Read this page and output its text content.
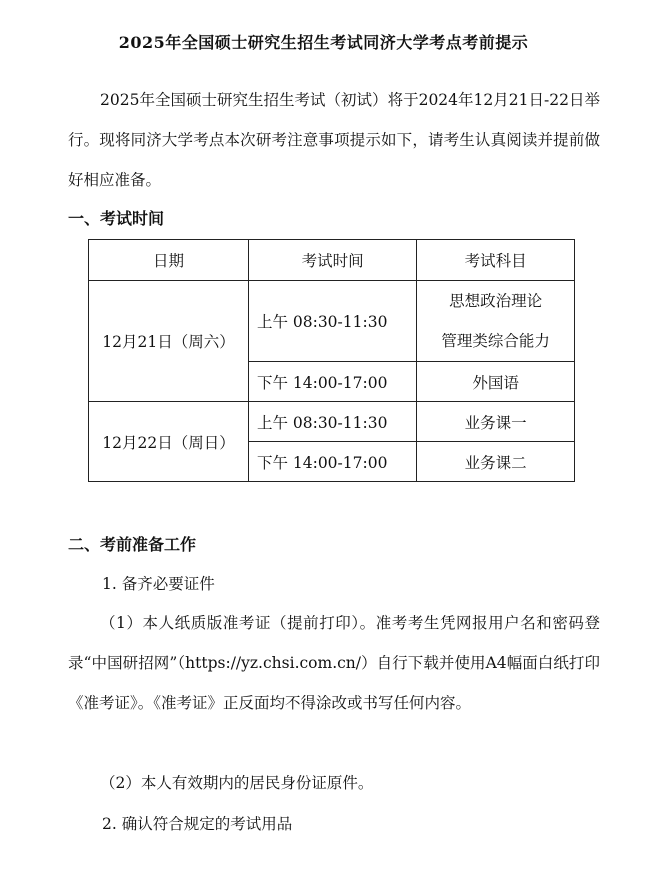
2025年全国硕士研究生招生考试同济大学考点考前提示

2025年全国硕士研究生招生考试（初试）将于2024年12月21日-22日举行。现将同济大学考点本次研考注意事项提示如下，请考生认真阅读并提前做好相应准备。

一、考试时间
日期	考试时间	考试科目
12月21日（周六）	上午 08:30-11:30	思想政治理论
管理类综合能力

	下午 14:00-17:00	外国语
12月22日（周日）	上午 08:30-11:30	业务课一
	下午 14:00-17:00	业务课二
二、考前准备工作
1. 备齐必要证件

（1）本人纸质版准考证（提前打印）。准考考生凭网报用户名和密码登录“中国研招网”（https://yz.chsi.com.cn/）自行下载并使用A4幅面白纸打印《准考证》。《准考证》正反面均不得涂改或书写任何内容。

（2）本人有效期内的居民身份证原件。

2. 确认符合规定的考试用品
